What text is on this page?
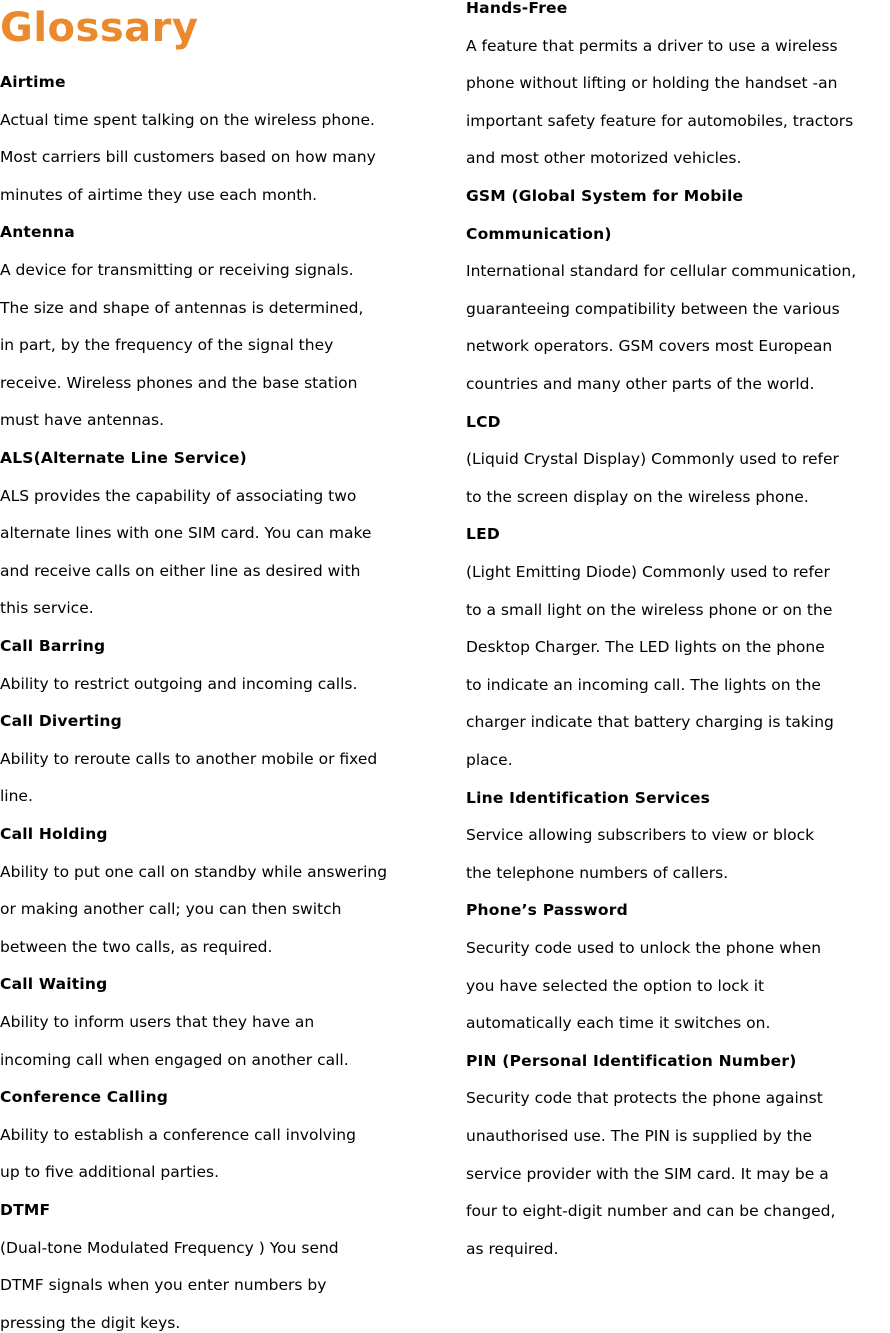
Glossary
Airtime
Actual time spent talking on the wireless phone.
Most carriers bill customers based on how many
minutes of airtime they use each month.
Antenna
A device for transmitting or receiving signals.
The size and shape of antennas is determined,
in part, by the frequency of the signal they
receive. Wireless phones and the base station
must have antennas.
ALS(Alternate Line Service)
ALS provides the capability of associating two
alternate lines with one SIM card. You can make
and receive calls on either line as desired with
this service.
Call Barring
Ability to restrict outgoing and incoming calls.
Call Diverting
Ability to reroute calls to another mobile or fixed
line.
Call Holding
Ability to put one call on standby while answering
or making another call; you can then switch
between the two calls, as required.
Call Waiting
Ability to inform users that they have an
incoming call when engaged on another call.
Conference Calling
Ability to establish a conference call involving
up to five additional parties.
DTMF
(Dual-tone Modulated Frequency ) You send
DTMF signals when you enter numbers by
pressing the digit keys.
Hands-Free
A feature that permits a driver to use a wireless
phone without lifting or holding the handset -an
important safety feature for automobiles, tractors
and most other motorized vehicles.
GSM (Global System for Mobile
Communication)
International standard for cellular communication,
guaranteeing compatibility between the various
network operators. GSM covers most European
countries and many other parts of the world.
LCD
(Liquid Crystal Display) Commonly used to refer
to the screen display on the wireless phone.
LED
(Light Emitting Diode) Commonly used to refer
to a small light on the wireless phone or on the
Desktop Charger. The LED lights on the phone
to indicate an incoming call. The lights on the
charger indicate that battery charging is taking
place.
Line Identification Services
Service allowing subscribers to view or block
the telephone numbers of callers.
Phone’s Password
Security code used to unlock the phone when
you have selected the option to lock it
automatically each time it switches on.
PIN (Personal Identification Number)
Security code that protects the phone against
unauthorised use. The PIN is supplied by the
service provider with the SIM card. It may be a
four to eight-digit number and can be changed,
as required.
